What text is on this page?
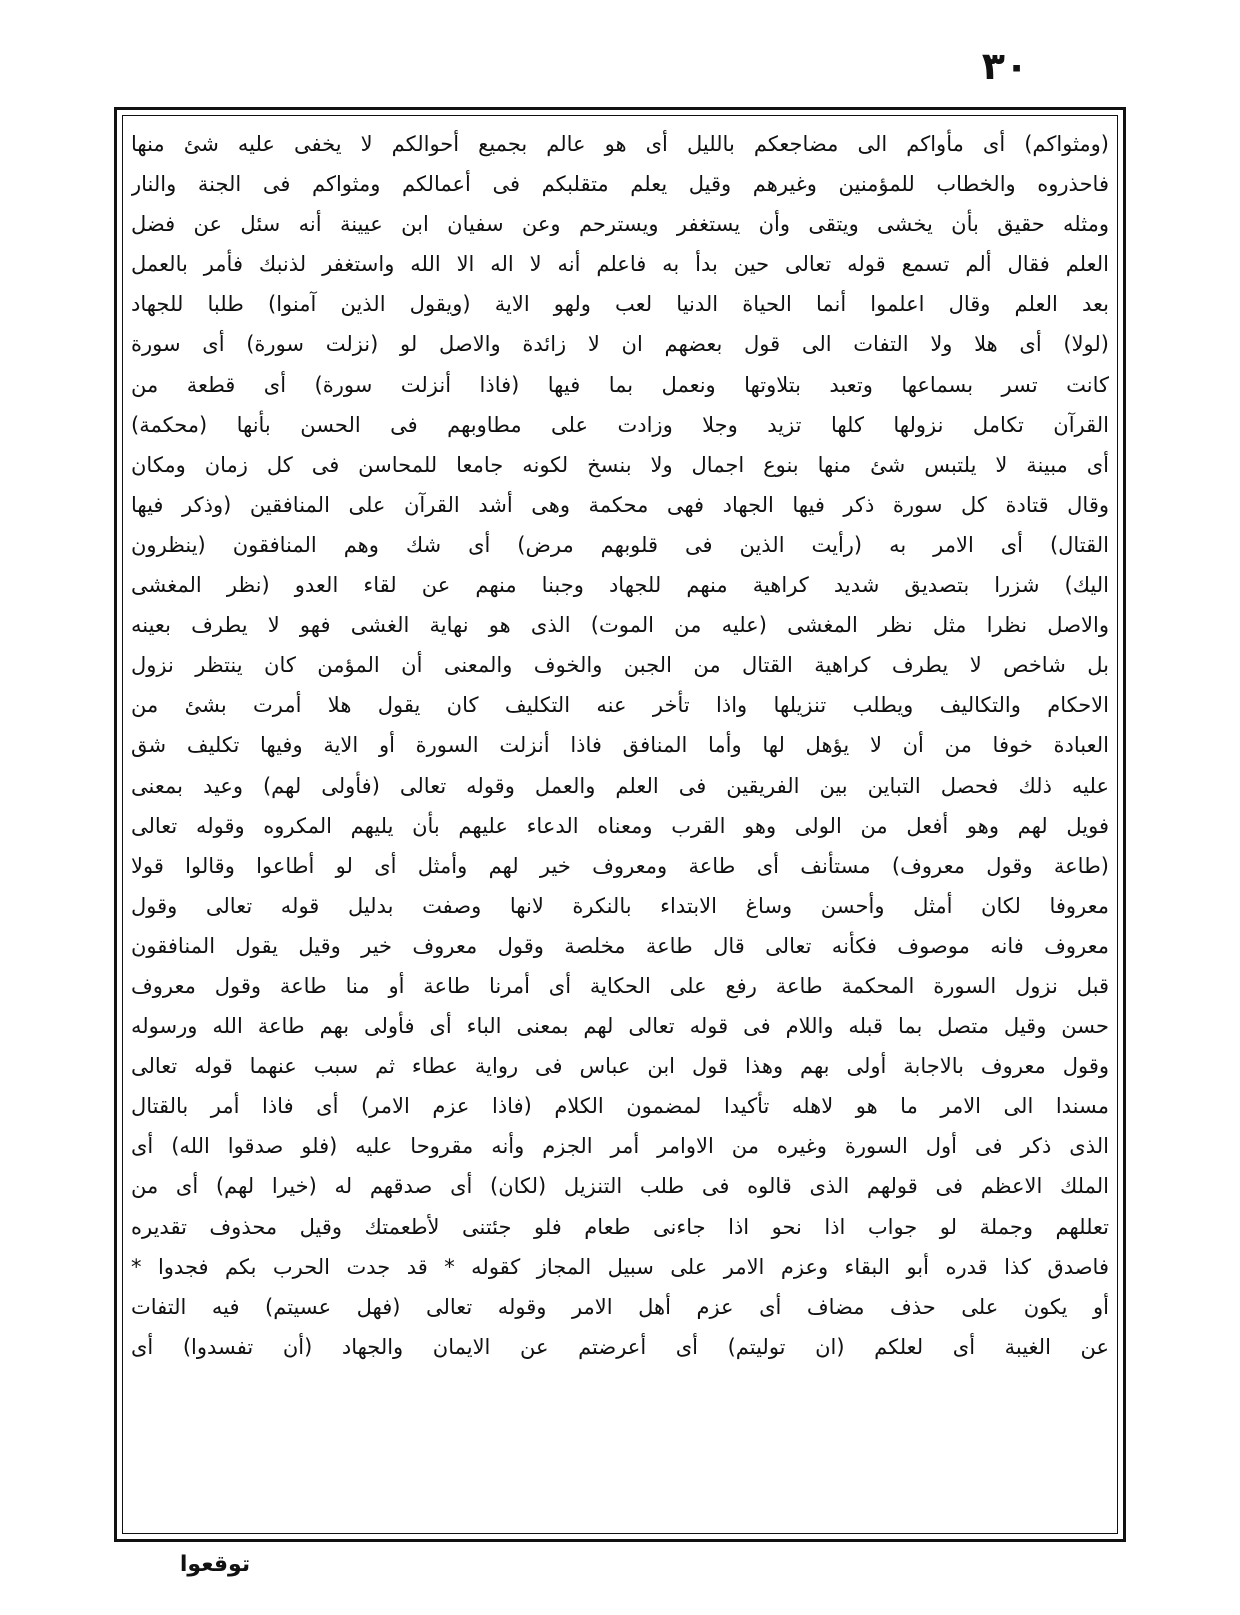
٣٠
(ومثواكم) أى مأواكم الى مضاجعكم بالليل أى هو عالم بجميع أحوالكم لا يخفى عليه شئ منها
فاحذروه والخطاب للمؤمنين وغيرهم وقيل يعلم متقلبكم فى أعمالكم ومثواكم فى الجنة والنار
ومثله حقيق بأن يخشى ويتقى وأن يستغفر ويسترحم وعن سفيان ابن عيينة أنه سئل عن فضل
العلم فقال ألم تسمع قوله تعالى حين بدأ به فاعلم أنه لا اله الا الله واستغفر لذنبك فأمر بالعمل
بعد العلم وقال اعلموا أنما الحياة الدنيا لعب ولهو الاية (ويقول الذين آمنوا) طلبا للجهاد
(لولا) أى هلا ولا التفات الى قول بعضهم ان لا زائدة والاصل لو (نزلت سورة) أى سورة
كانت تسر بسماعها وتعبد بتلاوتها ونعمل بما فيها (فاذا أنزلت سورة) أى قطعة من
القرآن تكامل نزولها كلها تزيد وجلا وزادت على مطاوبهم فى الحسن بأنها (محكمة)
أى مبينة لا يلتبس شئ منها بنوع اجمال ولا بنسخ لكونه جامعا للمحاسن فى كل زمان ومكان
وقال قتادة كل سورة ذكر فيها الجهاد فهى محكمة وهى أشد القرآن على المنافقين (وذكر فيها
القتال) أى الامر به (رأيت الذين فى قلوبهم مرض) أى شك وهم المنافقون (ينظرون
اليك) شزرا بتصديق شديد كراهية منهم للجهاد وجبنا منهم عن لقاء العدو (نظر المغشى
والاصل نظرا مثل نظر المغشى (عليه من الموت) الذى هو نهاية الغشى فهو لا يطرف بعينه
بل شاخص لا يطرف كراهية القتال من الجبن والخوف والمعنى أن المؤمن كان ينتظر نزول
الاحكام والتكاليف ويطلب تنزيلها واذا تأخر عنه التكليف كان يقول هلا أمرت بشئ من
العبادة خوفا من أن لا يؤهل لها وأما المنافق فاذا أنزلت السورة أو الاية وفيها تكليف شق
عليه ذلك فحصل التباين بين الفريقين فى العلم والعمل وقوله تعالى (فأولى لهم) وعيد بمعنى
فويل لهم وهو أفعل من الولى وهو القرب ومعناه الدعاء عليهم بأن يليهم المكروه وقوله تعالى
(طاعة وقول معروف) مستأنف أى طاعة ومعروف خير لهم وأمثل أى لو أطاعوا وقالوا قولا
معروفا لكان أمثل وأحسن وساغ الابتداء بالنكرة لانها وصفت بدليل قوله تعالى وقول
معروف فانه موصوف فكأنه تعالى قال طاعة مخلصة وقول معروف خير وقيل يقول المنافقون
قبل نزول السورة المحكمة طاعة رفع على الحكاية أى أمرنا طاعة أو منا طاعة وقول معروف
حسن وقيل متصل بما قبله واللام فى قوله تعالى لهم بمعنى الباء أى فأولى بهم طاعة الله ورسوله
وقول معروف بالاجابة أولى بهم وهذا قول ابن عباس فى رواية عطاء ثم سبب عنهما قوله تعالى
مسندا الى الامر ما هو لاهله تأكيدا لمضمون الكلام (فاذا عزم الامر) أى فاذا أمر بالقتال
الذى ذكر فى أول السورة وغيره من الاوامر أمر الجزم وأنه مقروحا عليه (فلو صدقوا الله) أى
الملك الاعظم فى قولهم الذى قالوه فى طلب التنزيل (لكان) أى صدقهم له (خيرا لهم) أى من
تعللهم وجملة لو جواب اذا نحو اذا جاءنى طعام فلو جئتنى لأطعمتك وقيل محذوف تقديره
فاصدق كذا قدره أبو البقاء وعزم الامر على سبيل المجاز كقوله * قد جدت الحرب بكم فجدوا *
أو يكون على حذف مضاف أى عزم أهل الامر وقوله تعالى (فهل عسيتم) فيه التفات
عن الغيبة أى لعلكم (ان توليتم) أى أعرضتم عن الايمان والجهاد (أن تفسدوا) أى
توقعوا
